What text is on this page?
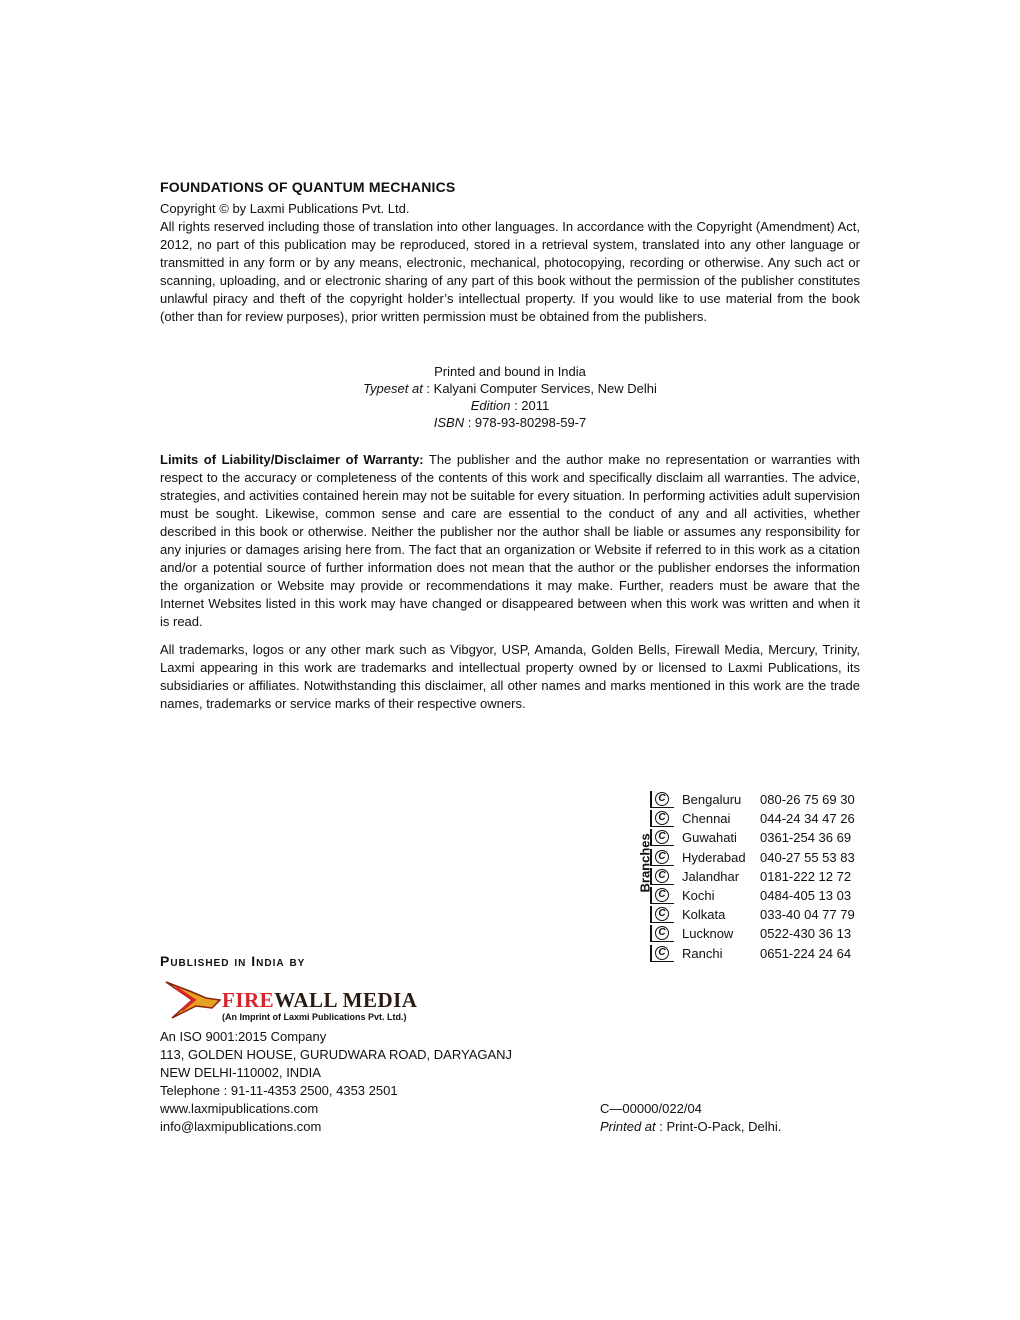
FOUNDATIONS OF QUANTUM MECHANICS
Copyright © by Laxmi Publications Pvt. Ltd.
All rights reserved including those of translation into other languages. In accordance with the Copyright (Amendment) Act, 2012, no part of this publication may be reproduced, stored in a retrieval system, translated into any other language or transmitted in any form or by any means, electronic, mechanical, photocopying, recording or otherwise. Any such act or scanning, uploading, and or electronic sharing of any part of this book without the permission of the publisher constitutes unlawful piracy and theft of the copyright holder’s intellectual property. If you would like to use material from the book (other than for review purposes), prior written permission must be obtained from the publishers.
Printed and bound in India
Typeset at : Kalyani Computer Services, New Delhi
Edition : 2011
ISBN : 978-93-80298-59-7
Limits of Liability/Disclaimer of Warranty: The publisher and the author make no representation or warranties with respect to the accuracy or completeness of the contents of this work and specifically disclaim all warranties. The advice, strategies, and activities contained herein may not be suitable for every situation. In performing activities adult supervision must be sought. Likewise, common sense and care are essential to the conduct of any and all activities, whether described in this book or otherwise. Neither the publisher nor the author shall be liable or assumes any responsibility for any injuries or damages arising here from. The fact that an organization or Website if referred to in this work as a citation and/or a potential source of further information does not mean that the author or the publisher endorses the information the organization or Website may provide or recommendations it may make. Further, readers must be aware that the Internet Websites listed in this work may have changed or disappeared between when this work was written and when it is read.
All trademarks, logos or any other mark such as Vibgyor, USP, Amanda, Golden Bells, Firewall Media, Mercury, Trinity, Laxmi appearing in this work are trademarks and intellectual property owned by or licensed to Laxmi Publications, its subsidiaries or affiliates. Notwithstanding this disclaimer, all other names and marks mentioned in this work are the trade names, trademarks or service marks of their respective owners.
Branches
C	Bengaluru	080-26 75 69 30
C	Chennai	044-24 34 47 26
C	Guwahati	0361-254 36 69
C	Hyderabad	040-27 55 53 83
C	Jalandhar	0181-222 12 72
C	Kochi	0484-405 13 03
C	Kolkata	033-40 04 77 79
C	Lucknow	0522-430 36 13
C	Ranchi	0651-224 24 64
Published in India by
FIREWALL MEDIA
(An Imprint of Laxmi Publications Pvt. Ltd.)
An ISO 9001:2015 Company
113, GOLDEN HOUSE, GURUDWARA ROAD, DARYAGANJ
NEW DELHI-110002, INDIA
Telephone : 91-11-4353 2500, 4353 2501
www.laxmipublications.com
info@laxmipublications.com
C—00000/022/04
Printed at : Print-O-Pack, Delhi.
